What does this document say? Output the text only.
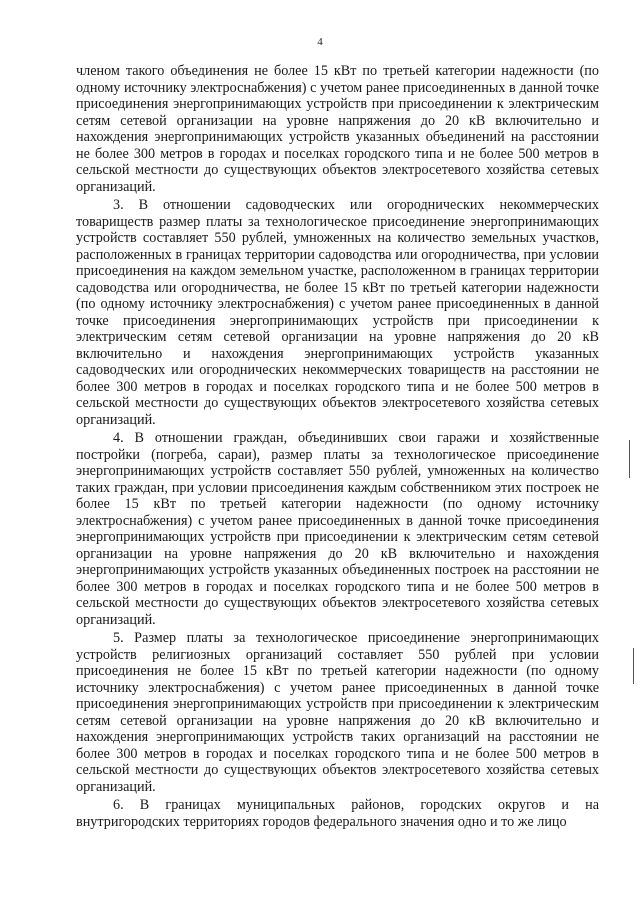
4

членом такого объединения не более 15 кВт по третьей категории надежности (по одному источнику электроснабжения) с учетом ранее присоединенных в данной точке присоединения энергопринимающих устройств при присоединении к электрическим сетям сетевой организации на уровне напряжения до 20 кВ включительно и нахождения энергопринимающих устройств указанных объединений на расстоянии не более 300 метров в городах и поселках городского типа и не более 500 метров в сельской местности до существующих объектов электросетевого хозяйства сетевых организаций.

3. В отношении садоводческих или огороднических некоммерческих товариществ размер платы за технологическое присоединение энергопринимающих устройств составляет 550 рублей, умноженных на количество земельных участков, расположенных в границах территории садоводства или огородничества, при условии присоединения на каждом земельном участке, расположенном в границах территории садоводства или огородничества, не более 15 кВт по третьей категории надежности (по одному источнику электроснабжения) с учетом ранее присоединенных в данной точке присоединения энергопринимающих устройств при присоединении к электрическим сетям сетевой организации на уровне напряжения до 20 кВ включительно и нахождения энергопринимающих устройств указанных садоводческих или огороднических некоммерческих товариществ на расстоянии не более 300 метров в городах и поселках городского типа и не более 500 метров в сельской местности до существующих объектов электросетевого хозяйства сетевых организаций.

4. В отношении граждан, объединивших свои гаражи и хозяйственные постройки (погреба, сараи), размер платы за технологическое присоединение энергопринимающих устройств составляет 550 рублей, умноженных на количество таких граждан, при условии присоединения каждым собственником этих построек не более 15 кВт по третьей категории надежности (по одному источнику электроснабжения) с учетом ранее присоединенных в данной точке присоединения энергопринимающих устройств при присоединении к электрическим сетям сетевой организации на уровне напряжения до 20 кВ включительно и нахождения энергопринимающих устройств указанных объединенных построек на расстоянии не более 300 метров в городах и поселках городского типа и не более 500 метров в сельской местности до существующих объектов электросетевого хозяйства сетевых организаций.

5. Размер платы за технологическое присоединение энергопринимающих устройств религиозных организаций составляет 550 рублей при условии присоединения не более 15 кВт по третьей категории надежности (по одному источнику электроснабжения) с учетом ранее присоединенных в данной точке присоединения энергопринимающих устройств при присоединении к электрическим сетям сетевой организации на уровне напряжения до 20 кВ включительно и нахождения энергопринимающих устройств таких организаций на расстоянии не более 300 метров в городах и поселках городского типа и не более 500 метров в сельской местности до существующих объектов электросетевого хозяйства сетевых организаций.

6. В границах муниципальных районов, городских округов и на внутригородских территориях городов федерального значения одно и то же лицо
